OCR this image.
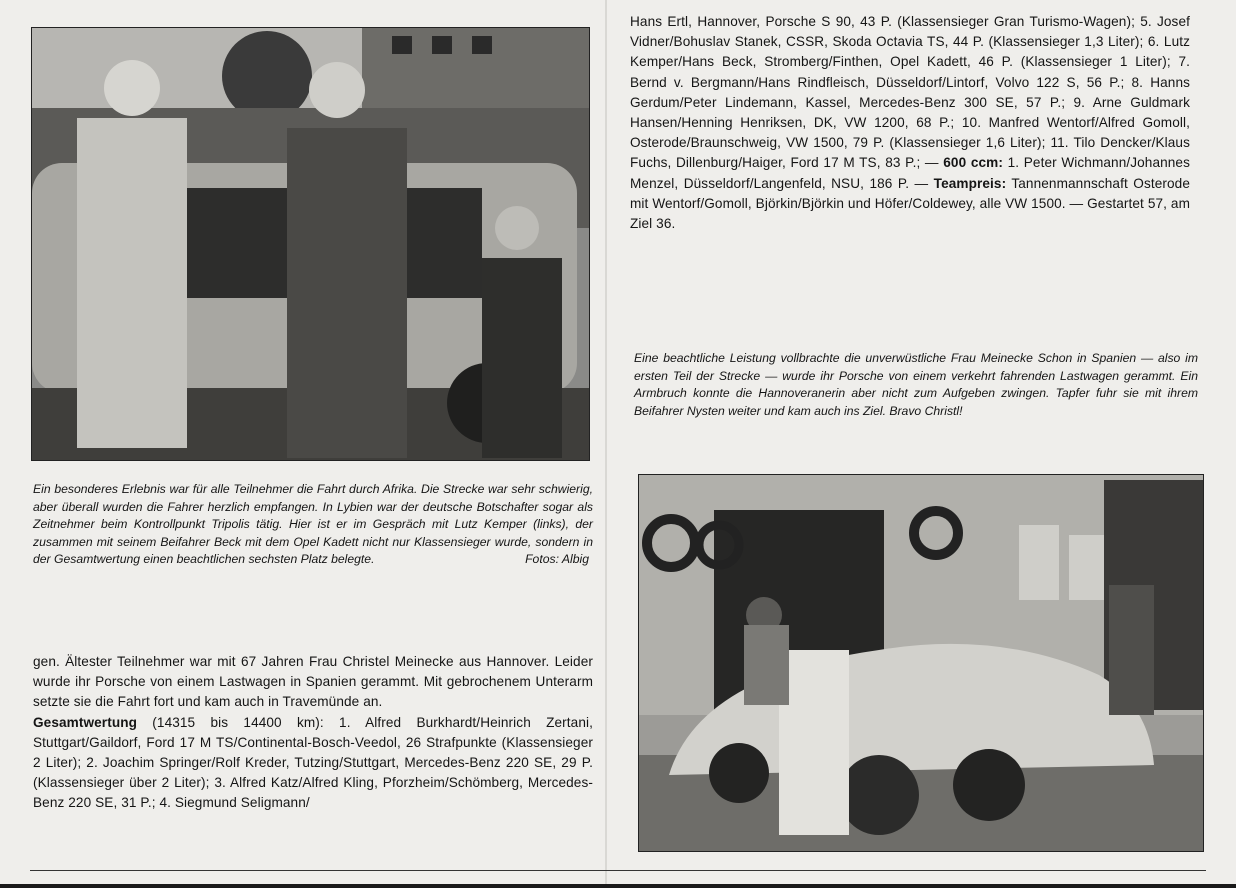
Ein besonderes Erlebnis war für alle Teilnehmer die Fahrt durch Afrika. Die Strecke war sehr schwierig, aber überall wurden die Fahrer herzlich empfangen. In Lybien war der deutsche Botschafter sogar als Zeitnehmer beim Kontrollpunkt Tripolis tätig. Hier ist er im Gespräch mit Lutz Kemper (links), der zusammen mit seinem Beifahrer Beck mit dem Opel Kadett nicht nur Klassensieger wurde, sondern in der Gesamtwertung einen beachtlichen sechsten Platz belegte.	Fotos: Albig
gen. Ältester Teilnehmer war mit 67 Jahren Frau Christel Meinecke aus Hannover. Leider wurde ihr Porsche von einem Lastwagen in Spanien gerammt. Mit gebrochenem Unterarm setzte sie die Fahrt fort und kam auch in Travemünde an.
Gesamtwertung (14315 bis 14400 km): 1. Alfred Burkhardt/Heinrich Zertani, Stuttgart/Gaildorf, Ford 17 M TS/Continental-Bosch-Veedol, 26 Strafpunkte (Klassensieger 2 Liter); 2. Joachim Springer/Rolf Kreder, Tutzing/Stuttgart, Mercedes-Benz 220 SE, 29 P. (Klassensieger über 2 Liter); 3. Alfred Katz/Alfred Kling, Pforzheim/Schömberg, Mercedes-Benz 220 SE, 31 P.; 4. Siegmund Seligmann/
Hans Ertl, Hannover, Porsche S 90, 43 P. (Klassensieger Gran Turismo-Wagen); 5. Josef Vidner/Bohuslav Stanek, CSSR, Skoda Octavia TS, 44 P. (Klassensieger 1,3 Liter); 6. Lutz Kemper/Hans Beck, Stromberg/Finthen, Opel Kadett, 46 P. (Klassensieger 1 Liter); 7. Bernd v. Bergmann/Hans Rindfleisch, Düsseldorf/Lintorf, Volvo 122 S, 56 P.; 8. Hanns Gerdum/Peter Lindemann, Kassel, Mercedes-Benz 300 SE, 57 P.; 9. Arne Guldmark Hansen/Henning Henriksen, DK, VW 1200, 68 P.; 10. Manfred Wentorf/Alfred Gomoll, Osterode/Braunschweig, VW 1500, 79 P. (Klassensieger 1,6 Liter); 11. Tilo Dencker/Klaus Fuchs, Dillenburg/Haiger, Ford 17 M TS, 83 P.; — 600 ccm: 1. Peter Wichmann/Johannes Menzel, Düsseldorf/Langenfeld, NSU, 186 P. — Teampreis: Tannenmannschaft Osterode mit Wentorf/Gomoll, Björkin/Björkin und Höfer/Coldewey, alle VW 1500. — Gestartet 57, am Ziel 36.
Eine beachtliche Leistung vollbrachte die unverwüstliche Frau Meinecke Schon in Spanien — also im ersten Teil der Strecke — wurde ihr Porsche von einem verkehrt fahrenden Lastwagen gerammt. Ein Armbruch konnte die Hannoveranerin aber nicht zum Aufgeben zwingen. Tapfer fuhr sie mit ihrem Beifahrer Nysten weiter und kam auch ins Ziel. Bravo Christl!
